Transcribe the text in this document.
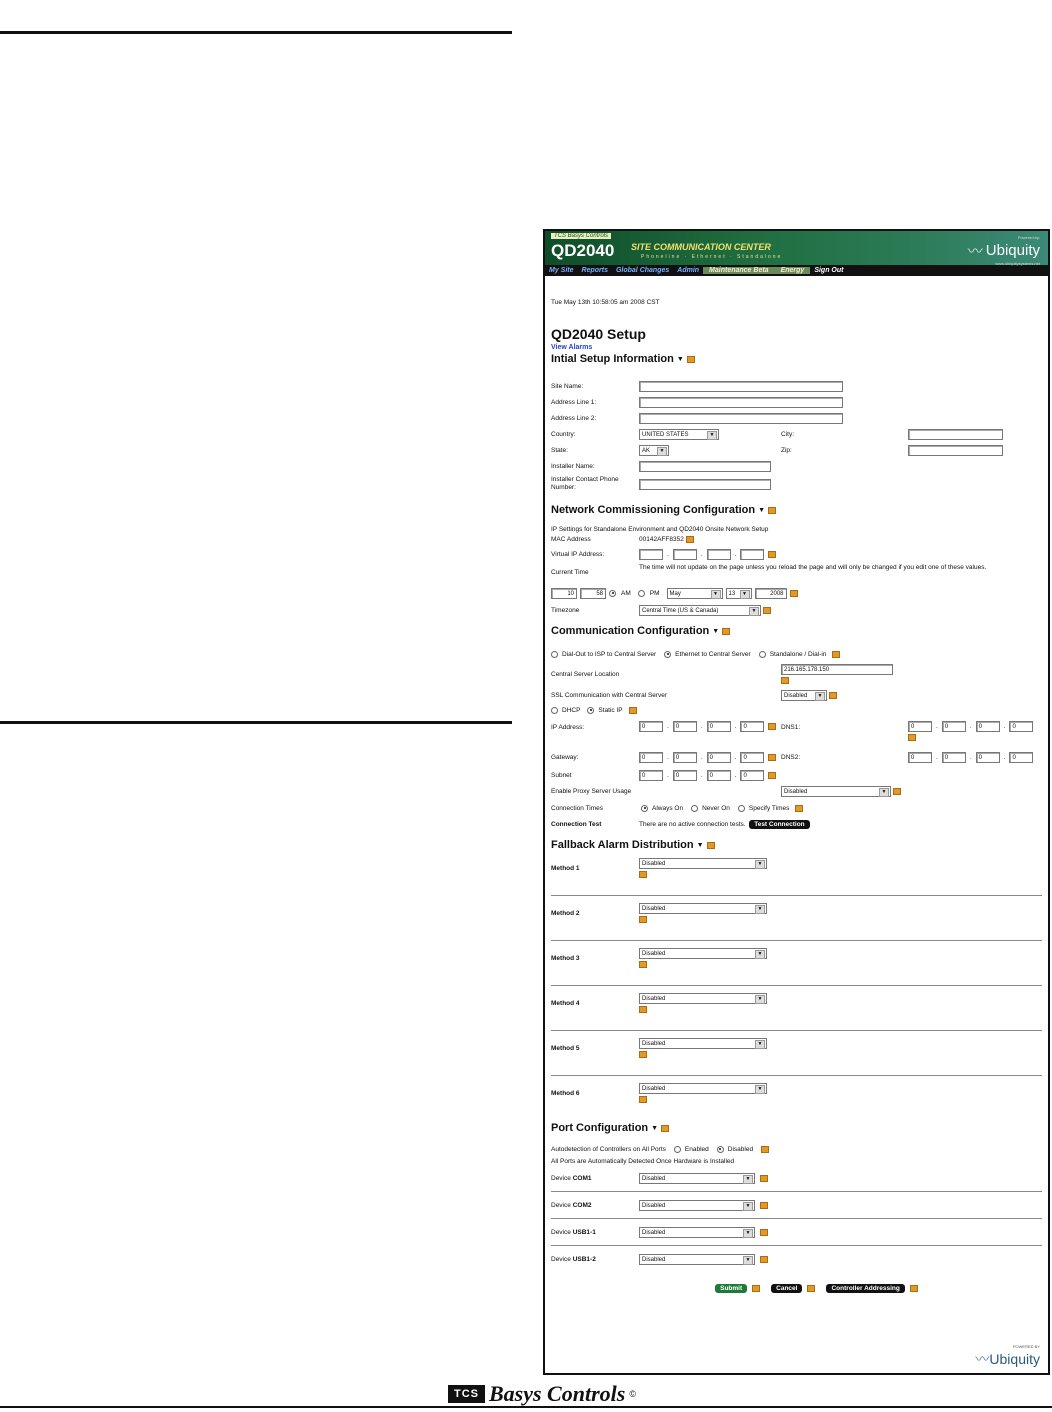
TCS Basys Controls
QD2040 SITE COMMUNICATION CENTER
Phoneline · Ethernet · Standalone
Powered by:
〰 Ubiquity
www.ubiquitysystems.net
My Site	Reports	Global Changes	Admin	Maintenance Beta	Energy	Sign Out
Tue May 13th 10:58:05 am 2008 CST
QD2040 Setup
View Alarms
Intial Setup Information ▼
Site Name:
Address Line 1:
Address Line 2:
Country:	UNITED STATES ▼	City:
State:	AK ▼	Zip:
Installer Name:
Installer Contact Phone Number:
Network Commissioning Configuration ▼
IP Settings for Standalone Environment and QD2040 Onsite Network Setup
MAC Address	00142AFF8352

Virtual IP Address:	.	.	.
Current Time
The time will not update on the page unless you reload the page and will only be changed if you edit one of these values.
10	58	AM	PM	May ▼	13 ▼	2008
Timezone	Central Time (US & Canada) ▼

Communication Configuration ▼
Dial-Out to ISP to Central Server	Ethernet to Central Server	Standalone / Dial-in
Central Server Location
216.165.178.150
SSL Communication with Central Server	Disabled ▼

DHCP	Static IP
IP Address:	0	.	0	.	0	.	0	DNS1:	0	.	0	.	0	.	0
Gateway:	0	.	0	.	0	.	0	DNS2:	0	.	0	.	0	.	0
Subnet	0	.	0	.	0	.	0
Enable Proxy Server Usage	Disabled ▼

Connection Times	Always On	Never On	Specify Times
Connection Test	There are no active connection tests.
	Test Connection
Fallback Alarm Distribution ▼
Method 1
Disabled ▼
Method 2
Disabled ▼
Method 3
Disabled ▼
Method 4
Disabled ▼
Method 5
Disabled ▼
Method 6
Disabled ▼
Port Configuration ▼
Autodetection of Controllers on All Ports	Enabled	Disabled
All Ports are Automatically Detected Once Hardware is Installed
Device COM1	Disabled ▼

Device COM2	Disabled ▼

Device USB1-1	Disabled ▼

Device USB1-2	Disabled ▼

Submit	Cancel	Controller Addressing
POWERED BY
〰Ubiquity
TCS Basys Controls ©
